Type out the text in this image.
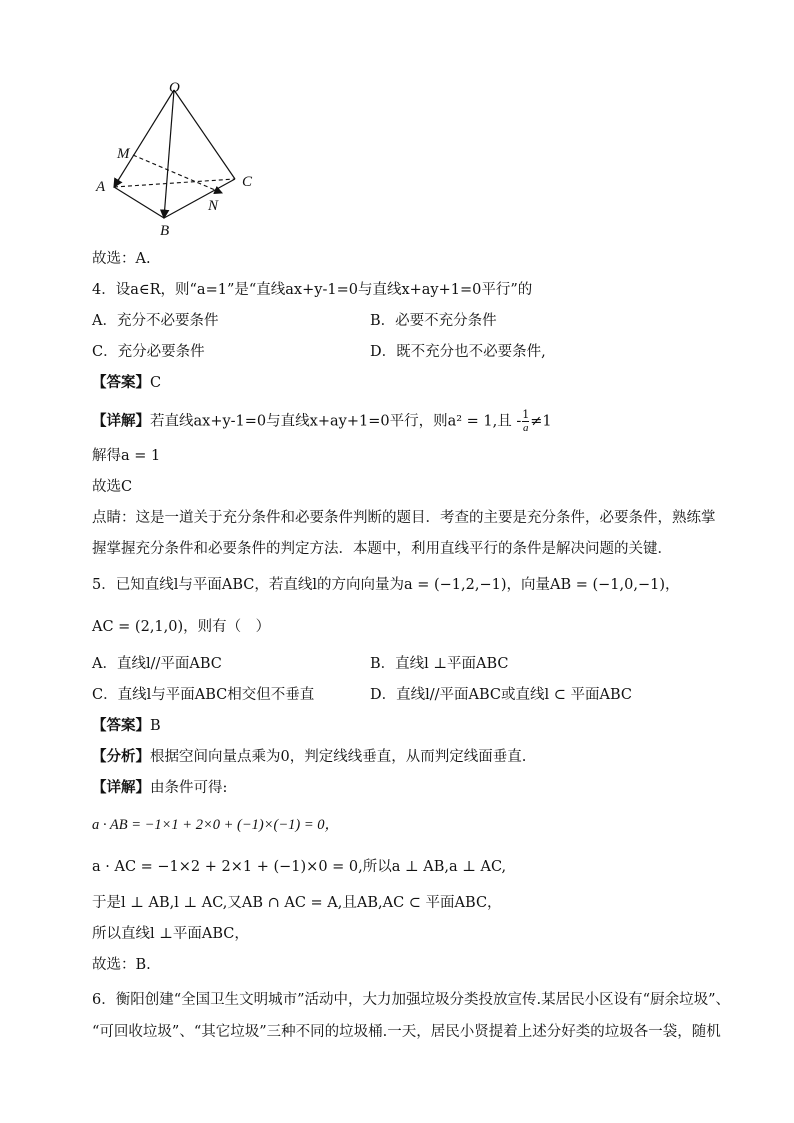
O
M
A
B
C
N
故选：A.
4．设a∈R，则“a=1”是“直线ax+y-1=0与直线x+ay+1=0平行”的
A．充分不必要条件	B．必要不充分条件
C．充分必要条件	D．既不充分也不必要条件,
【答案】C
【详解】若直线ax+y-1=0与直线x+ay+1=0平行，则a² = 1,且 - $\frac{1}{a} \ne 1$
解得a = 1
故选C
点睛：这是一道关于充分条件和必要条件判断的题目．考查的主要是充分条件，必要条件，熟练掌
握掌握充分条件和必要条件的判定方法．本题中，利用直线平行的条件是解决问题的关键．
5．已知直线l与平面ABC，若直线l的方向向量为a = (−1,2,−1)，向量AB = (−1,0,−1)，
AC = (2,1,0)，则有（　）
A．直线l//平面ABC	B．直线l ⊥平面ABC
C．直线l与平面ABC相交但不垂直	D．直线l//平面ABC或直线l ⊂ 平面ABC
【答案】B
【分析】根据空间向量点乘为0，判定线线垂直，从而判定线面垂直.
【详解】由条件可得:
a · AB = −1×1 + 2×0 + (−1)×(−1) = 0，
a · AC = −1×2 + 2×1 + (−1)×0 = 0,所以a ⊥ AB,a ⊥ AC,
于是l ⊥ AB,l ⊥ AC,又AB ∩ AC = A,且AB,AC ⊂ 平面ABC，
所以直线l ⊥平面ABC，
故选：B.
6．衡阳创建“全国卫生文明城市”活动中，大力加强垃圾分类投放宣传.某居民小区设有“厨余垃圾”、
“可回收垃圾”、“其它垃圾”三种不同的垃圾桶.一天，居民小贤提着上述分好类的垃圾各一袋，随机
